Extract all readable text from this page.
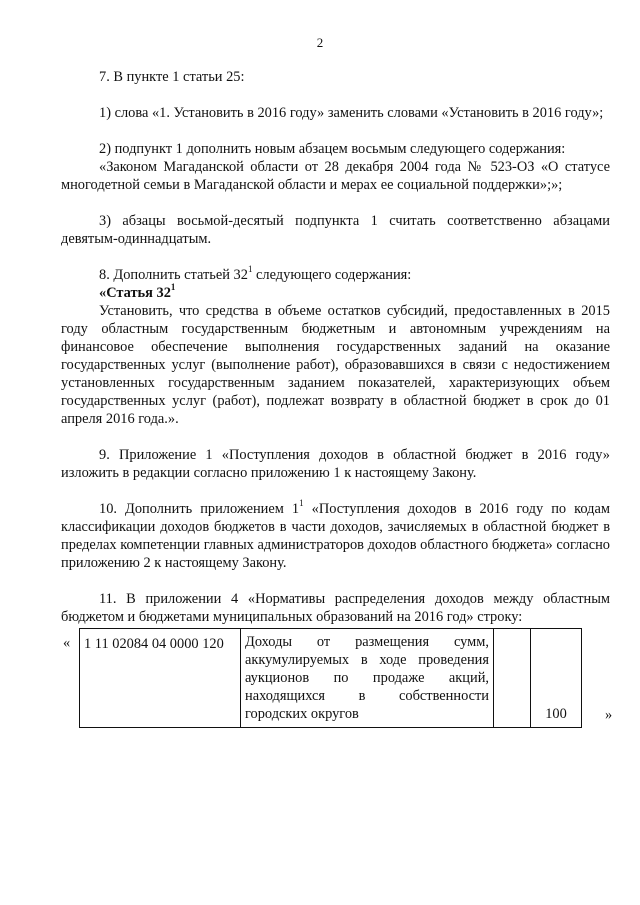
2

7. В пункте 1 статьи 25:

1) слова «1. Установить в 2016 году» заменить словами «Установить в 2016 году»;

2) подпункт 1 дополнить новым абзацем восьмым следующего содержания:

«Законом Магаданской области от 28 декабря 2004 года № 523-ОЗ «О статусе многодетной семьи в Магаданской области и мерах ее социальной поддержки»;»;

3) абзацы восьмой-десятый подпункта 1 считать соответственно абзацами девятым-одиннадцатым.

8. Дополнить статьей $32^1$ следующего содержания:

«Статья $32^1$

Установить, что средства в объеме остатков субсидий, предоставленных в 2015 году областным государственным бюджетным и автономным учреждениям на финансовое обеспечение выполнения государственных заданий на оказание государственных услуг (выполнение работ), образовавшихся в связи с недостижением установленных государственным заданием показателей, характеризующих объем государственных услуг (работ), подлежат возврату в областной бюджет в срок до 01 апреля 2016 года.».

9. Приложение 1 «Поступления доходов в областной бюджет в 2016 году» изложить в редакции согласно приложению 1 к настоящему Закону.

10. Дополнить приложением $1^1$ «Поступления доходов в 2016 году по кодам классификации доходов бюджетов в части доходов, зачисляемых в областной бюджет в пределах компетенции главных администраторов доходов областного бюджета» согласно приложению 2 к настоящему Закону.

11. В приложении 4 «Нормативы распределения доходов между областным бюджетом и бюджетами муниципальных образований на 2016 год» строку:

« 1 11 02084 04 0000 120	Доходы от размещения сумм, аккумулируемых в ходе проведения аукционов по продаже акций, находящихся в собственности городских округов		100	»
